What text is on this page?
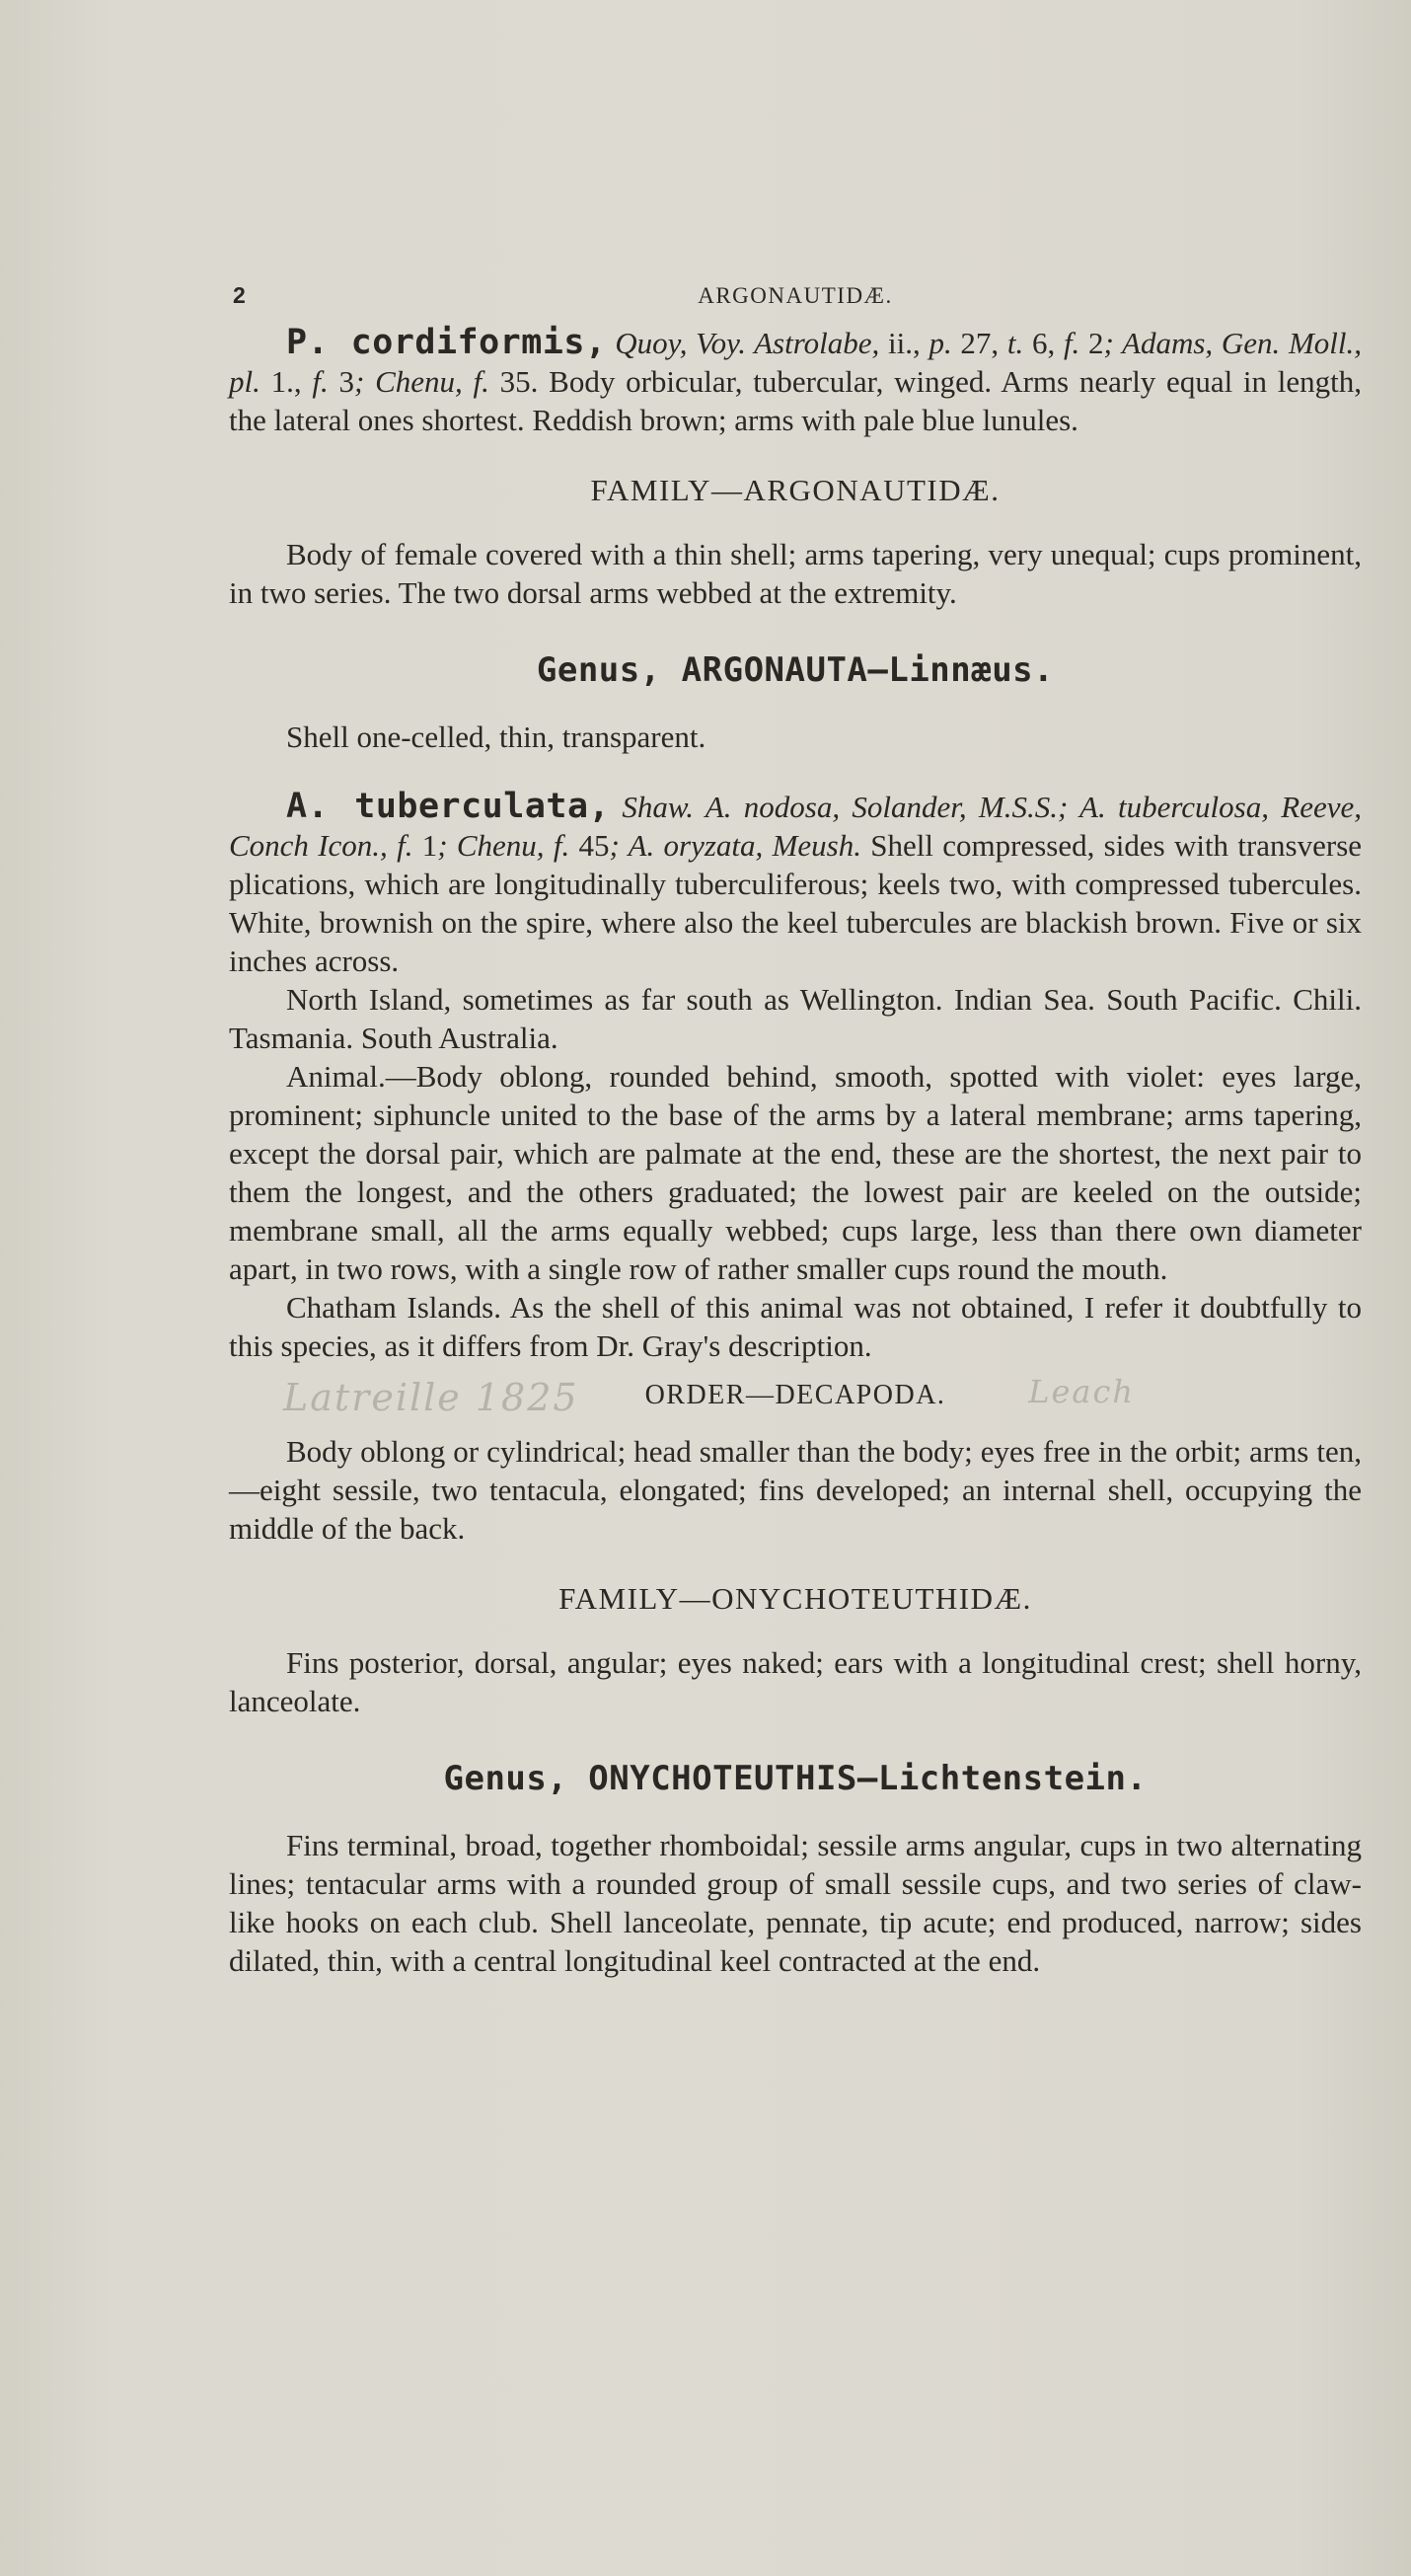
2	ARGONAUTIDÆ.

P. cordiformis, Quoy, Voy. Astrolabe, ii., p. 27, t. 6, f. 2; Adams, Gen. Moll., pl. 1., f. 3; Chenu, f. 35. Body orbicular, tubercular, winged. Arms nearly equal in length, the lateral ones shortest. Reddish brown; arms with pale blue lunules.

FAMILY—ARGONAUTIDÆ.

Body of female covered with a thin shell; arms tapering, very unequal; cups prominent, in two series. The two dorsal arms webbed at the extremity.

Genus, ARGONAUTA—Linnæus.

Shell one-celled, thin, transparent.

A. tuberculata, Shaw. A. nodosa, Solander, M.S.S.; A. tuberculosa, Reeve, Conch Icon., f. 1; Chenu, f. 45; A. oryzata, Meush. Shell compressed, sides with transverse plications, which are longitudinally tuberculiferous; keels two, with compressed tubercules. White, brownish on the spire, where also the keel tubercules are blackish brown. Five or six inches across.

North Island, sometimes as far south as Wellington. Indian Sea. South Pacific. Chili. Tasmania. South Australia.

Animal.—Body oblong, rounded behind, smooth, spotted with violet: eyes large, prominent; siphuncle united to the base of the arms by a lateral membrane; arms tapering, except the dorsal pair, which are palmate at the end, these are the shortest, the next pair to them the longest, and the others graduated; the lowest pair are keeled on the outside; membrane small, all the arms equally webbed; cups large, less than there own diameter apart, in two rows, with a single row of rather smaller cups round the mouth.

Chatham Islands. As the shell of this animal was not obtained, I refer it doubtfully to this species, as it differs from Dr. Gray's description.

Latreille 1825 ORDER—DECAPODA.	Leach

Body oblong or cylindrical; head smaller than the body; eyes free in the orbit; arms ten,—eight sessile, two tentacula, elongated; fins developed; an internal shell, occupying the middle of the back.

FAMILY—ONYCHOTEUTHIDÆ.

Fins posterior, dorsal, angular; eyes naked; ears with a longitudinal crest; shell horny, lanceolate.

Genus, ONYCHOTEUTHIS—Lichtenstein.

Fins terminal, broad, together rhomboidal; sessile arms angular, cups in two alternating lines; tentacular arms with a rounded group of small sessile cups, and two series of claw-like hooks on each club. Shell lanceolate, pennate, tip acute; end produced, narrow; sides dilated, thin, with a central longitudinal keel contracted at the end.
